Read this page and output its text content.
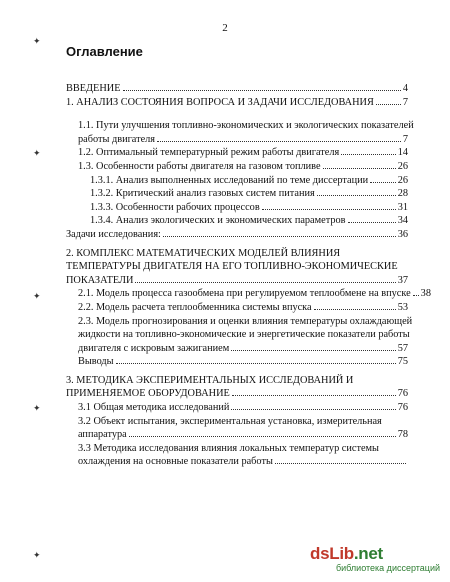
2
Оглавление
ВВЕДЕНИЕ	4
1. АНАЛИЗ СОСТОЯНИЯ ВОПРОСА И ЗАДАЧИ ИССЛЕДОВАНИЯ	7
1.1. Пути улучшения топливно-экономических и экологических показателей
работы двигателя	7
1.2. Оптимальный температурный режим работы двигателя	14
1.3. Особенности работы двигателя на газовом топливе	26
1.3.1. Анализ выполненных исследований по теме диссертации	26
1.3.2. Критический анализ газовых систем питания	28
1.3.3. Особенности рабочих процессов	31
1.3.4. Анализ экологических и экономических параметров	34
Задачи исследования:	36
2. КОМПЛЕКС МАТЕМАТИЧЕСКИХ МОДЕЛЕЙ ВЛИЯНИЯ
ТЕМПЕРАТУРЫ ДВИГАТЕЛЯ НА ЕГО ТОПЛИВНО-ЭКОНОМИЧЕСКИЕ
ПОКАЗАТЕЛИ	37
2.1. Модель процесса газообмена при регулируемом теплообмене на впуске 38
2.2. Модель расчета теплообменника системы впуска	53
2.3. Модель прогнозирования и оценки влияния температуры охлаждающей
жидкости на топливно-экономические и энергетические показатели работы
двигателя с искровым зажиганием	57
Выводы	75
3. МЕТОДИКА ЭКСПЕРИМЕНТАЛЬНЫХ ИССЛЕДОВАНИЙ И
ПРИМЕНЯЕМОЕ ОБОРУДОВАНИЕ	76
3.1 Общая методика исследований	76
3.2 Объект испытания, экспериментальная установка, измерительная
аппаратура	78
3.3 Методика исследования влияния локальных температур системы
охлаждения на основные показатели работы
✦
✦
✦
✦
✦	dsLib.net
библиотека диссертаций
